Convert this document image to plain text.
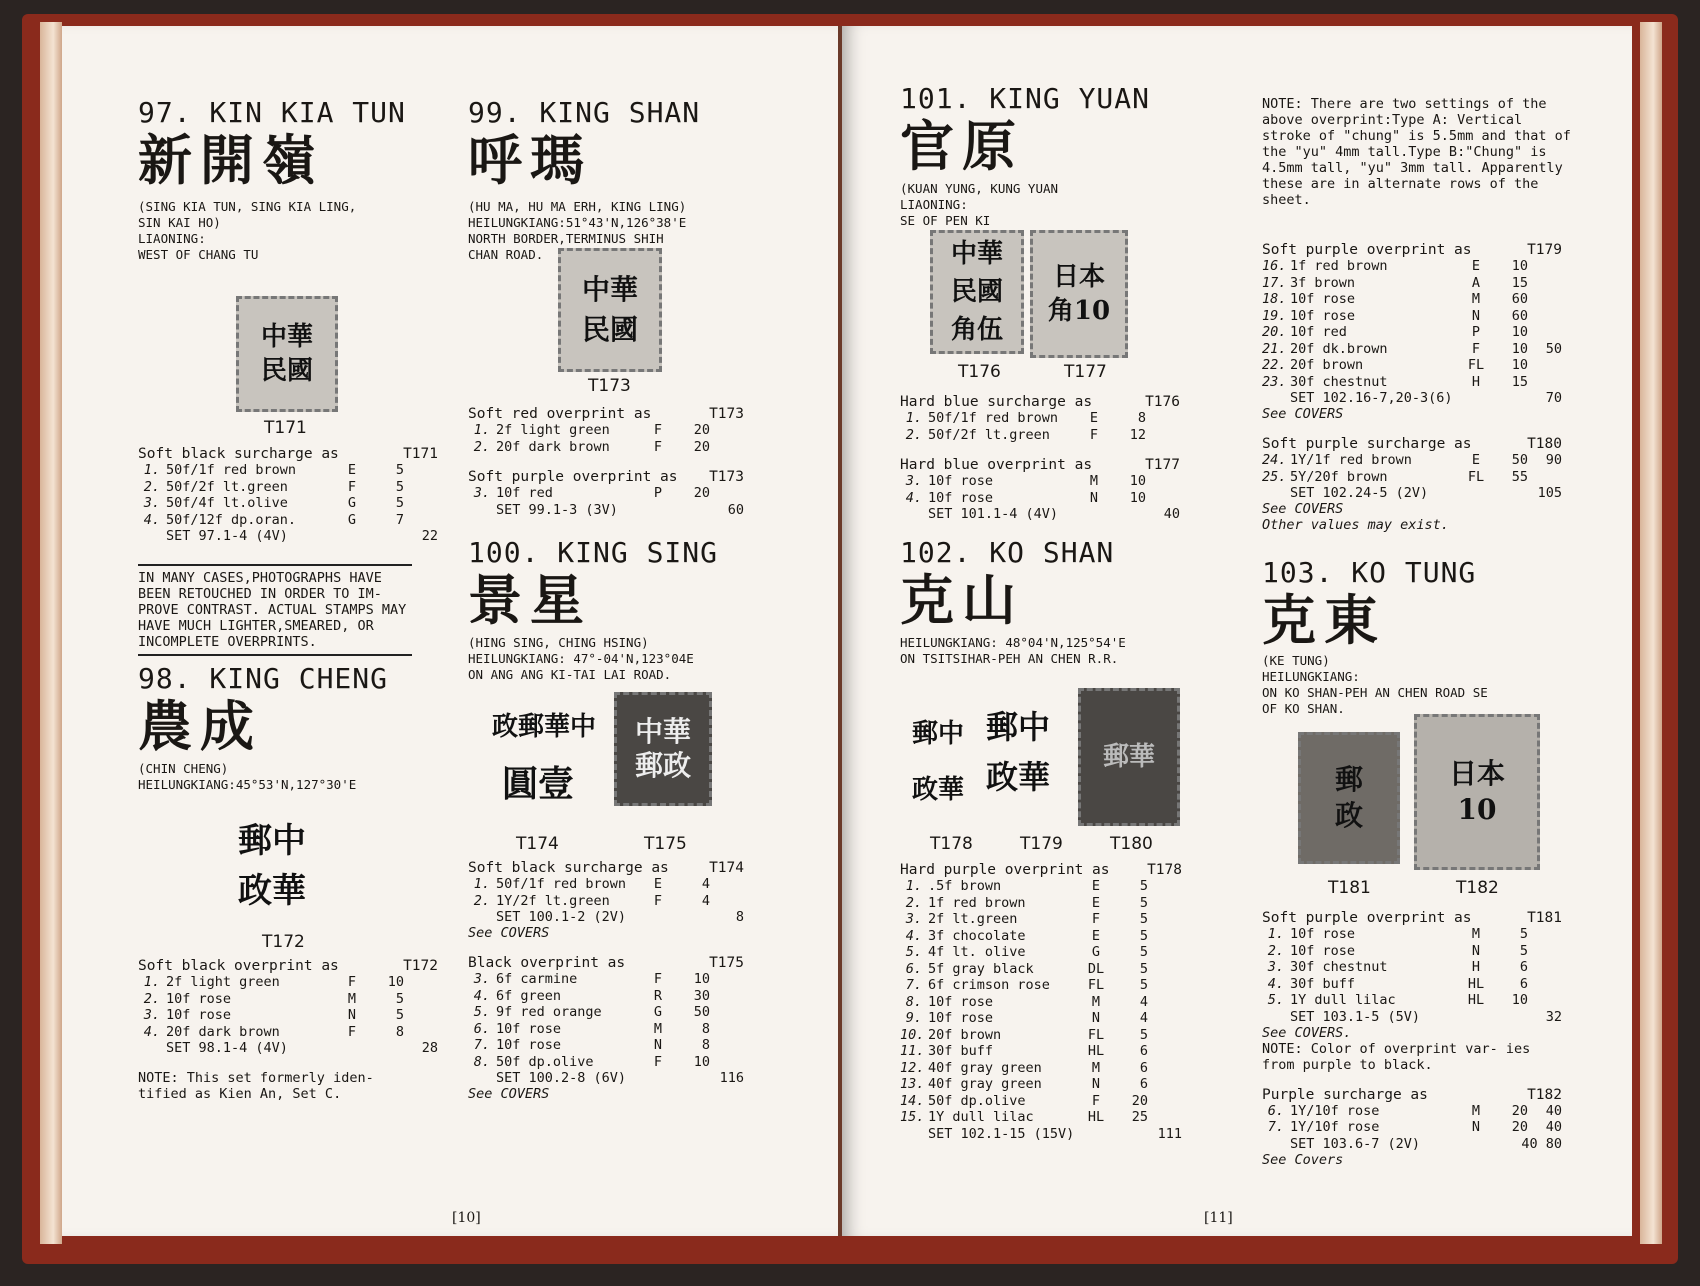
97. KIN KIA TUN
新開嶺
(SING KIA TUN, SING KIA LING,
SIN KAI HO)
LIAONING:
WEST OF CHANG TU
中華民國
T171
Soft black surcharge as	T171
1. 50f/1f red brown	E	5
2. 50f/2f lt.green	F	5
3. 50f/4f lt.olive	G	5
4. 50f/12f dp.oran.	G	7
SET 97.1-4 (4V)	22
IN MANY CASES,PHOTOGRAPHS HAVE BEEN RETOUCHED IN ORDER TO IM- PROVE CONTRAST. ACTUAL STAMPS MAY HAVE MUCH LIGHTER,SMEARED, OR INCOMPLETE OVERPRINTS.
98. KING CHENG
農成
(CHIN CHENG)
HEILUNGKIANG:45°53'N,127°30'E
郵中政華
T172
Soft black overprint as	T172
1. 2f light green	F	10
2. 10f rose	M	5
3. 10f rose	N	5
4. 20f dark brown	F	8
SET 98.1-4 (4V)	28
NOTE: This set formerly iden- tified as Kien An, Set C.
99. KING SHAN
呼瑪
(HU MA, HU MA ERH, KING LING)
HEILUNGKIANG:51°43'N,126°38'E
NORTH BORDER,TERMINUS SHIH
CHAN ROAD.
中華民國
T173
Soft red overprint as	T173
1. 2f light green	F	20
2. 20f dark brown	F	20
Soft purple overprint as T173
3. 10f red	P	20
SET 99.1-3 (3V)	60
100. KING SING
景星
(HING SING, CHING HSING)
HEILUNGKIANG: 47°-04'N,123°04E
ON ANG ANG KI-TAI LAI ROAD.
政郵華中
圓壹
中華郵政
T174	T175
Soft black surcharge as	T174
1. 50f/1f red brown	E	4
2. 1Y/2f lt.green	F	4
SET 100.1-2 (2V)	8
See COVERS
Black overprint as	T175
3. 6f carmine	F	10
4. 6f green	R	30
5. 9f red orange	G	50
6. 10f rose	M	8
7. 10f rose	N	8
8. 50f dp.olive	F	10
SET 100.2-8 (6V)	116
See COVERS
[10]
101. KING YUAN
官原
(KUAN YUNG, KUNG YUAN
LIAONING:
SE OF PEN KI
中華民國角伍
日本
角10
T176	T177
Hard blue surcharge as	T176
1. 50f/1f red brown	E	8
2. 50f/2f lt.green	F	12
Hard blue overprint as	T177
3. 10f rose	M	10
4. 10f rose	N	10
SET 101.1-4 (4V)	40
NOTE: There are two settings of the above overprint:Type A: Vertical stroke of "chung" is 5.5mm and that of the "yu" 4mm tall.Type B:"Chung" is 4.5mm tall, "yu" 3mm tall. Apparently these are in alternate rows of the sheet.
Soft purple overprint as	T179
16. 1f red brown	E	10
17. 3f brown	A	15
18. 10f rose	M	60
19. 10f rose	N	60
20. 10f red	P	10
21. 20f dk.brown	F	10	50
22. 20f brown	FL	10
23. 30f chestnut	H	15
SET 102.16-7,20-3(6)	70
See COVERS
Soft purple surcharge as	T180
24. 1Y/1f red brown	E	50	90
25. 5Y/20f brown	FL	55
SET 102.24-5 (2V)	105
See COVERS
Other values may exist.
102. KO SHAN
克山
HEILUNGKIANG: 48°04'N,125°54'E
ON TSITSIHAR-PEH AN CHEN R.R.
郵中政華
郵中政華
郵華
T178	T179	T180
Hard purple overprint as	T178
1. .5f brown	E	5
2. 1f red brown	E	5
3. 2f lt.green	F	5
4. 3f chocolate	E	5
5. 4f lt. olive	G	5
6. 5f gray black	DL	5
7. 6f crimson rose	FL	5
8. 10f rose	M	4
9. 10f rose	N	4
10. 20f brown	FL	5
11. 30f buff	HL	6
12. 40f gray green	M	6
13. 40f gray green	N	6
14. 50f dp.olive	F	20
15. 1Y dull lilac	HL	25
SET 102.1-15 (15V)	111
103. KO TUNG
克東
(KE TUNG)
HEILUNGKIANG:
ON KO SHAN-PEH AN CHEN ROAD SE
OF KO SHAN.
郵政
日本10
T181	T182
Soft purple overprint as	T181
1. 10f rose	M	5
2. 10f rose	N	5
3. 30f chestnut	H	6
4. 30f buff	HL	6
5. 1Y dull lilac	HL	10
SET 103.1-5 (5V)	32
See COVERS.
NOTE: Color of overprint var- ies from purple to black.
Purple surcharge as	T182
6. 1Y/10f rose	M	20	40
7. 1Y/10f rose	N	20	40
SET 103.6-7 (2V)	40 80
See Covers
[11]
